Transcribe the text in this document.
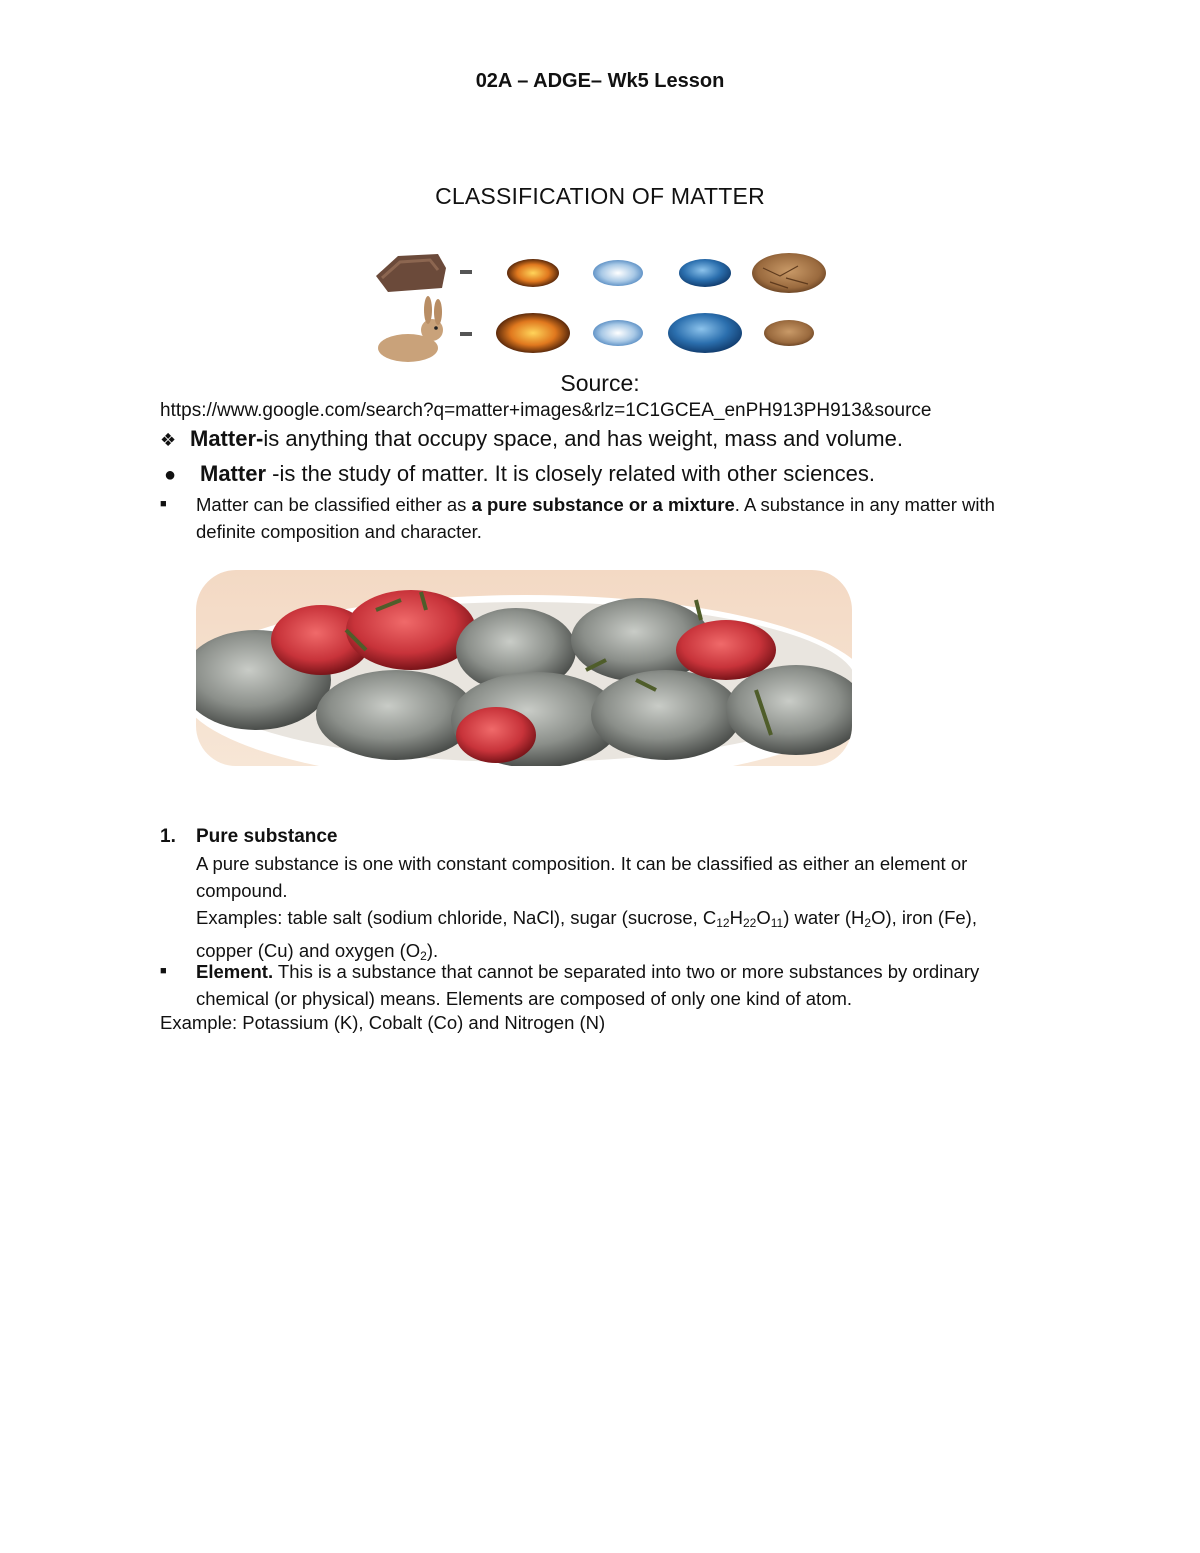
02A – ADGE– Wk5 Lesson
CLASSIFICATION OF MATTER
Source:
https://www.google.com/search?q=matter+images&rlz=1C1GCEA_enPH913PH913&source
❖ Matter-is anything that occupy space, and has weight, mass and volume.
● Matter -is the study of matter. It is closely related with other sciences.
■ Matter can be classified either as a pure substance or a mixture. A substance in any matter with definite composition and character.
1. Pure substance
A pure substance is one with constant composition. It can be classified as either an element or compound.
Examples: table salt (sodium chloride, NaCl), sugar (sucrose, $C_{12}H_{22}O_{11}$) water $(H_2O)$, iron (Fe), copper (Cu) and oxygen $(O_2)$.
■ Element. This is a substance that cannot be separated into two or more substances by ordinary chemical (or physical) means. Elements are composed of only one kind of atom.
Example: Potassium (K), Cobalt (Co) and Nitrogen (N)
